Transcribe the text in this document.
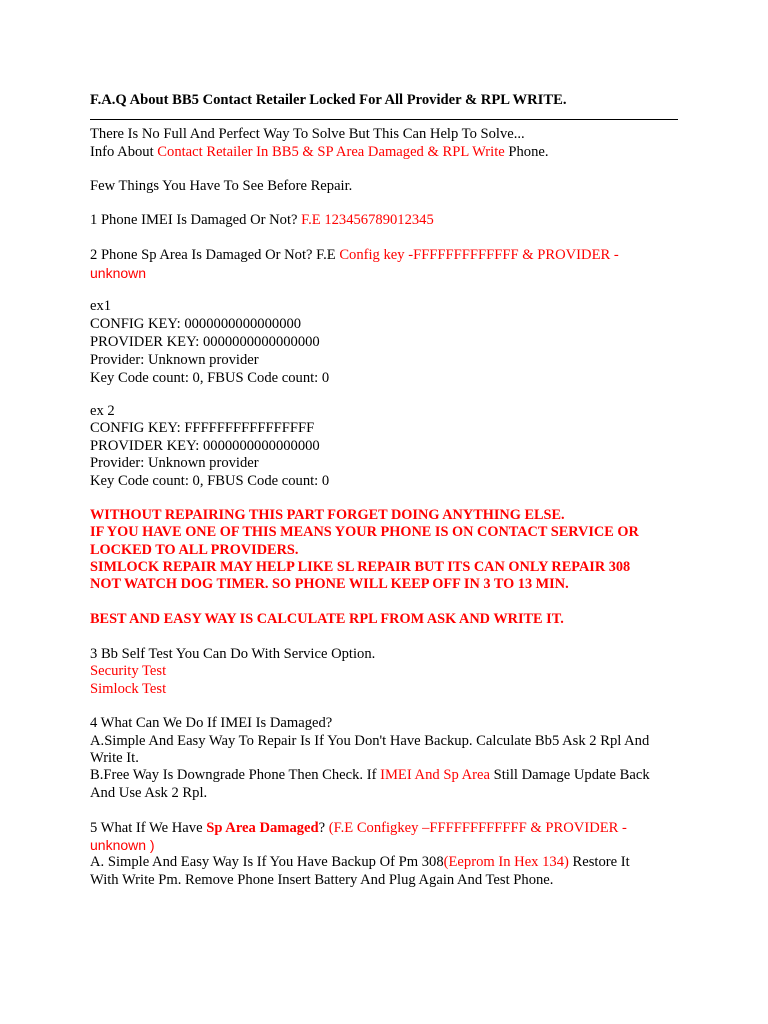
F.A.Q About BB5 Contact Retailer Locked For All Provider & RPL WRITE.
There Is No Full And Perfect Way To Solve But This Can Help To Solve...
Info About Contact Retailer In BB5 & SP Area Damaged & RPL Write Phone.
Few Things You Have To See Before Repair.
1 Phone IMEI Is Damaged Or Not? F.E 123456789012345
2 Phone Sp Area Is Damaged Or Not? F.E Config key -FFFFFFFFFFFFF & PROVIDER -
unknown
ex1
CONFIG KEY: 0000000000000000
PROVIDER KEY: 0000000000000000
Provider: Unknown provider
Key Code count: 0, FBUS Code count: 0
ex 2
CONFIG KEY: FFFFFFFFFFFFFFFF
PROVIDER KEY: 0000000000000000
Provider: Unknown provider
Key Code count: 0, FBUS Code count: 0
WITHOUT REPAIRING THIS PART FORGET DOING ANYTHING ELSE.
IF YOU HAVE ONE OF THIS MEANS YOUR PHONE IS ON CONTACT SERVICE OR
LOCKED TO ALL PROVIDERS.
SIMLOCK REPAIR MAY HELP LIKE SL REPAIR BUT ITS CAN ONLY REPAIR 308
NOT WATCH DOG TIMER. SO PHONE WILL KEEP OFF IN 3 TO 13 MIN.
BEST AND EASY WAY IS CALCULATE RPL FROM ASK AND WRITE IT.
3 Bb Self Test You Can Do With Service Option.
Security Test
Simlock Test
4 What Can We Do If IMEI Is Damaged?
A.Simple And Easy Way To Repair Is If You Don't Have Backup. Calculate Bb5 Ask 2 Rpl And
Write It.
B.Free Way Is Downgrade Phone Then Check. If IMEI And Sp Area Still Damage Update Back
And Use Ask 2 Rpl.
5 What If We Have Sp Area Damaged? (F.E Configkey –FFFFFFFFFFFF & PROVIDER -
unknown )
A. Simple And Easy Way Is If You Have Backup Of Pm 308(Eeprom In Hex 134) Restore It
With Write Pm. Remove Phone Insert Battery And Plug Again And Test Phone.
